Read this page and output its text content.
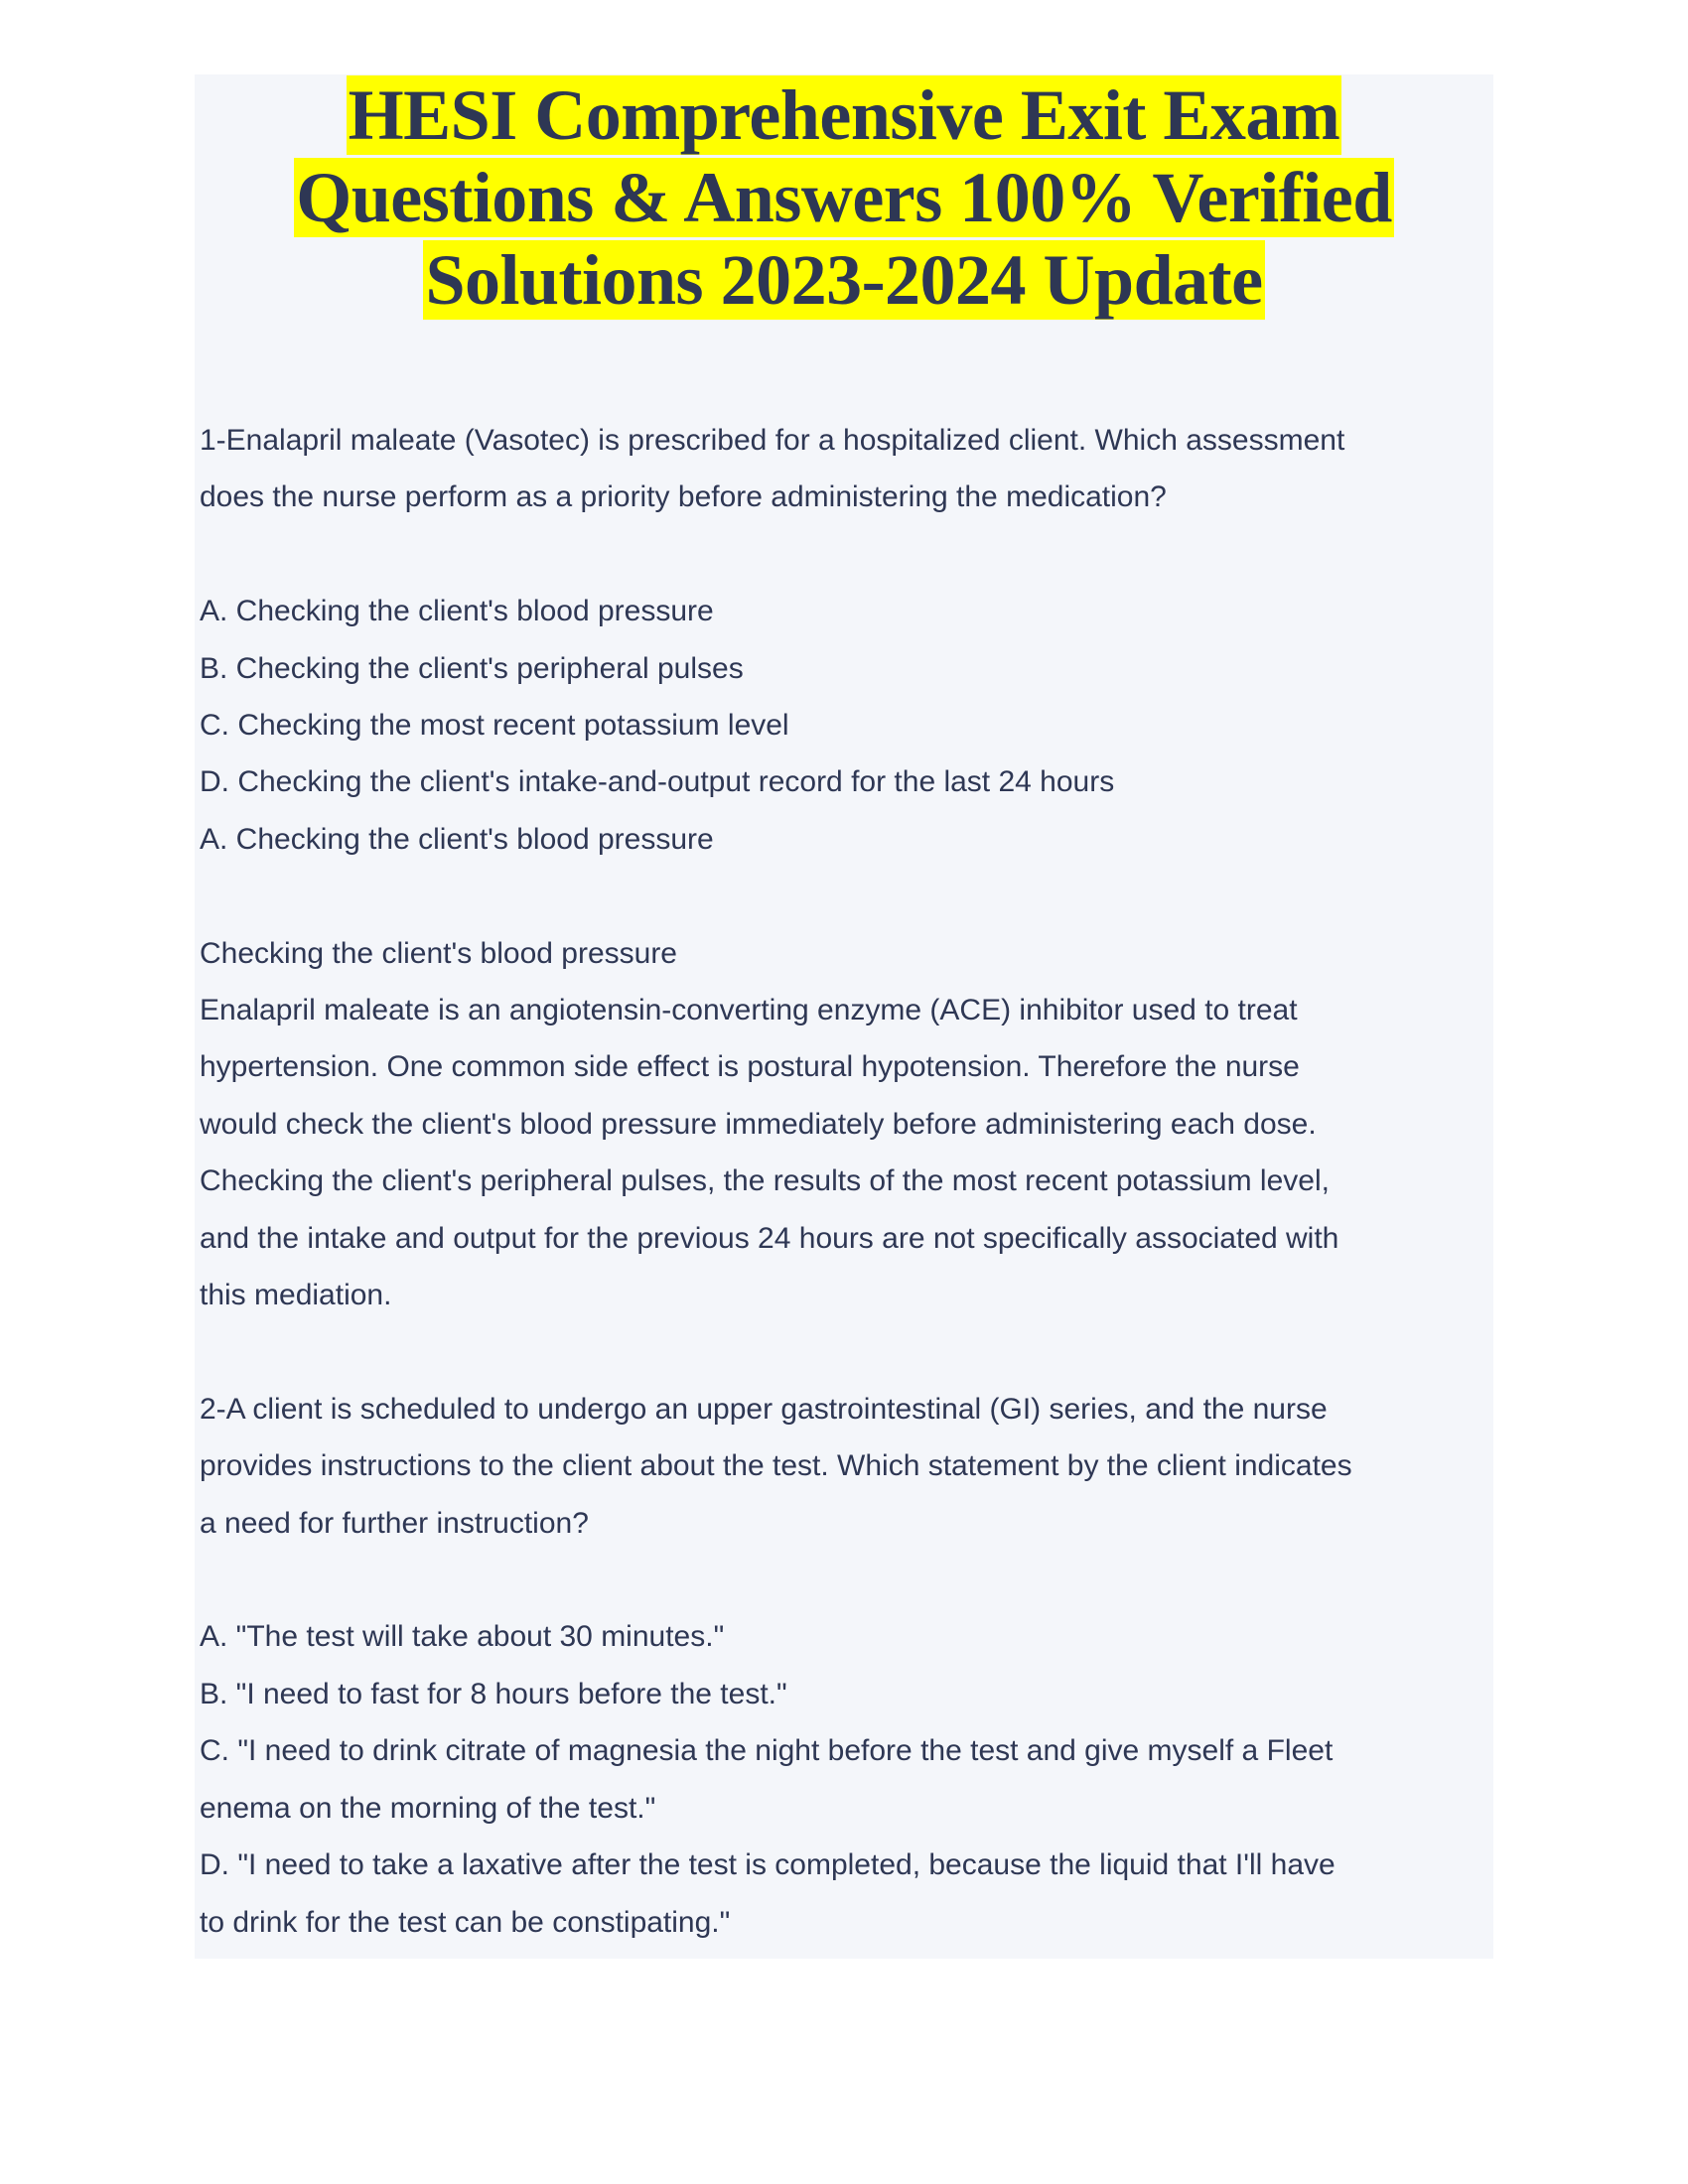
HESI Comprehensive Exit Exam
Questions & Answers 100% Verified
Solutions 2023-2024 Update
1-Enalapril maleate (Vasotec) is prescribed for a hospitalized client. Which assessment
does the nurse perform as a priority before administering the medication?
A. Checking the client's blood pressure
B. Checking the client's peripheral pulses
C. Checking the most recent potassium level
D. Checking the client's intake-and-output record for the last 24 hours
A. Checking the client's blood pressure
Checking the client's blood pressure
Enalapril maleate is an angiotensin-converting enzyme (ACE) inhibitor used to treat
hypertension. One common side effect is postural hypotension. Therefore the nurse
would check the client's blood pressure immediately before administering each dose.
Checking the client's peripheral pulses, the results of the most recent potassium level,
and the intake and output for the previous 24 hours are not specifically associated with
this mediation.
2-A client is scheduled to undergo an upper gastrointestinal (GI) series, and the nurse
provides instructions to the client about the test. Which statement by the client indicates
a need for further instruction?
A. "The test will take about 30 minutes."
B. "I need to fast for 8 hours before the test."
C. "I need to drink citrate of magnesia the night before the test and give myself a Fleet
enema on the morning of the test."
D. "I need to take a laxative after the test is completed, because the liquid that I'll have
to drink for the test can be constipating."
